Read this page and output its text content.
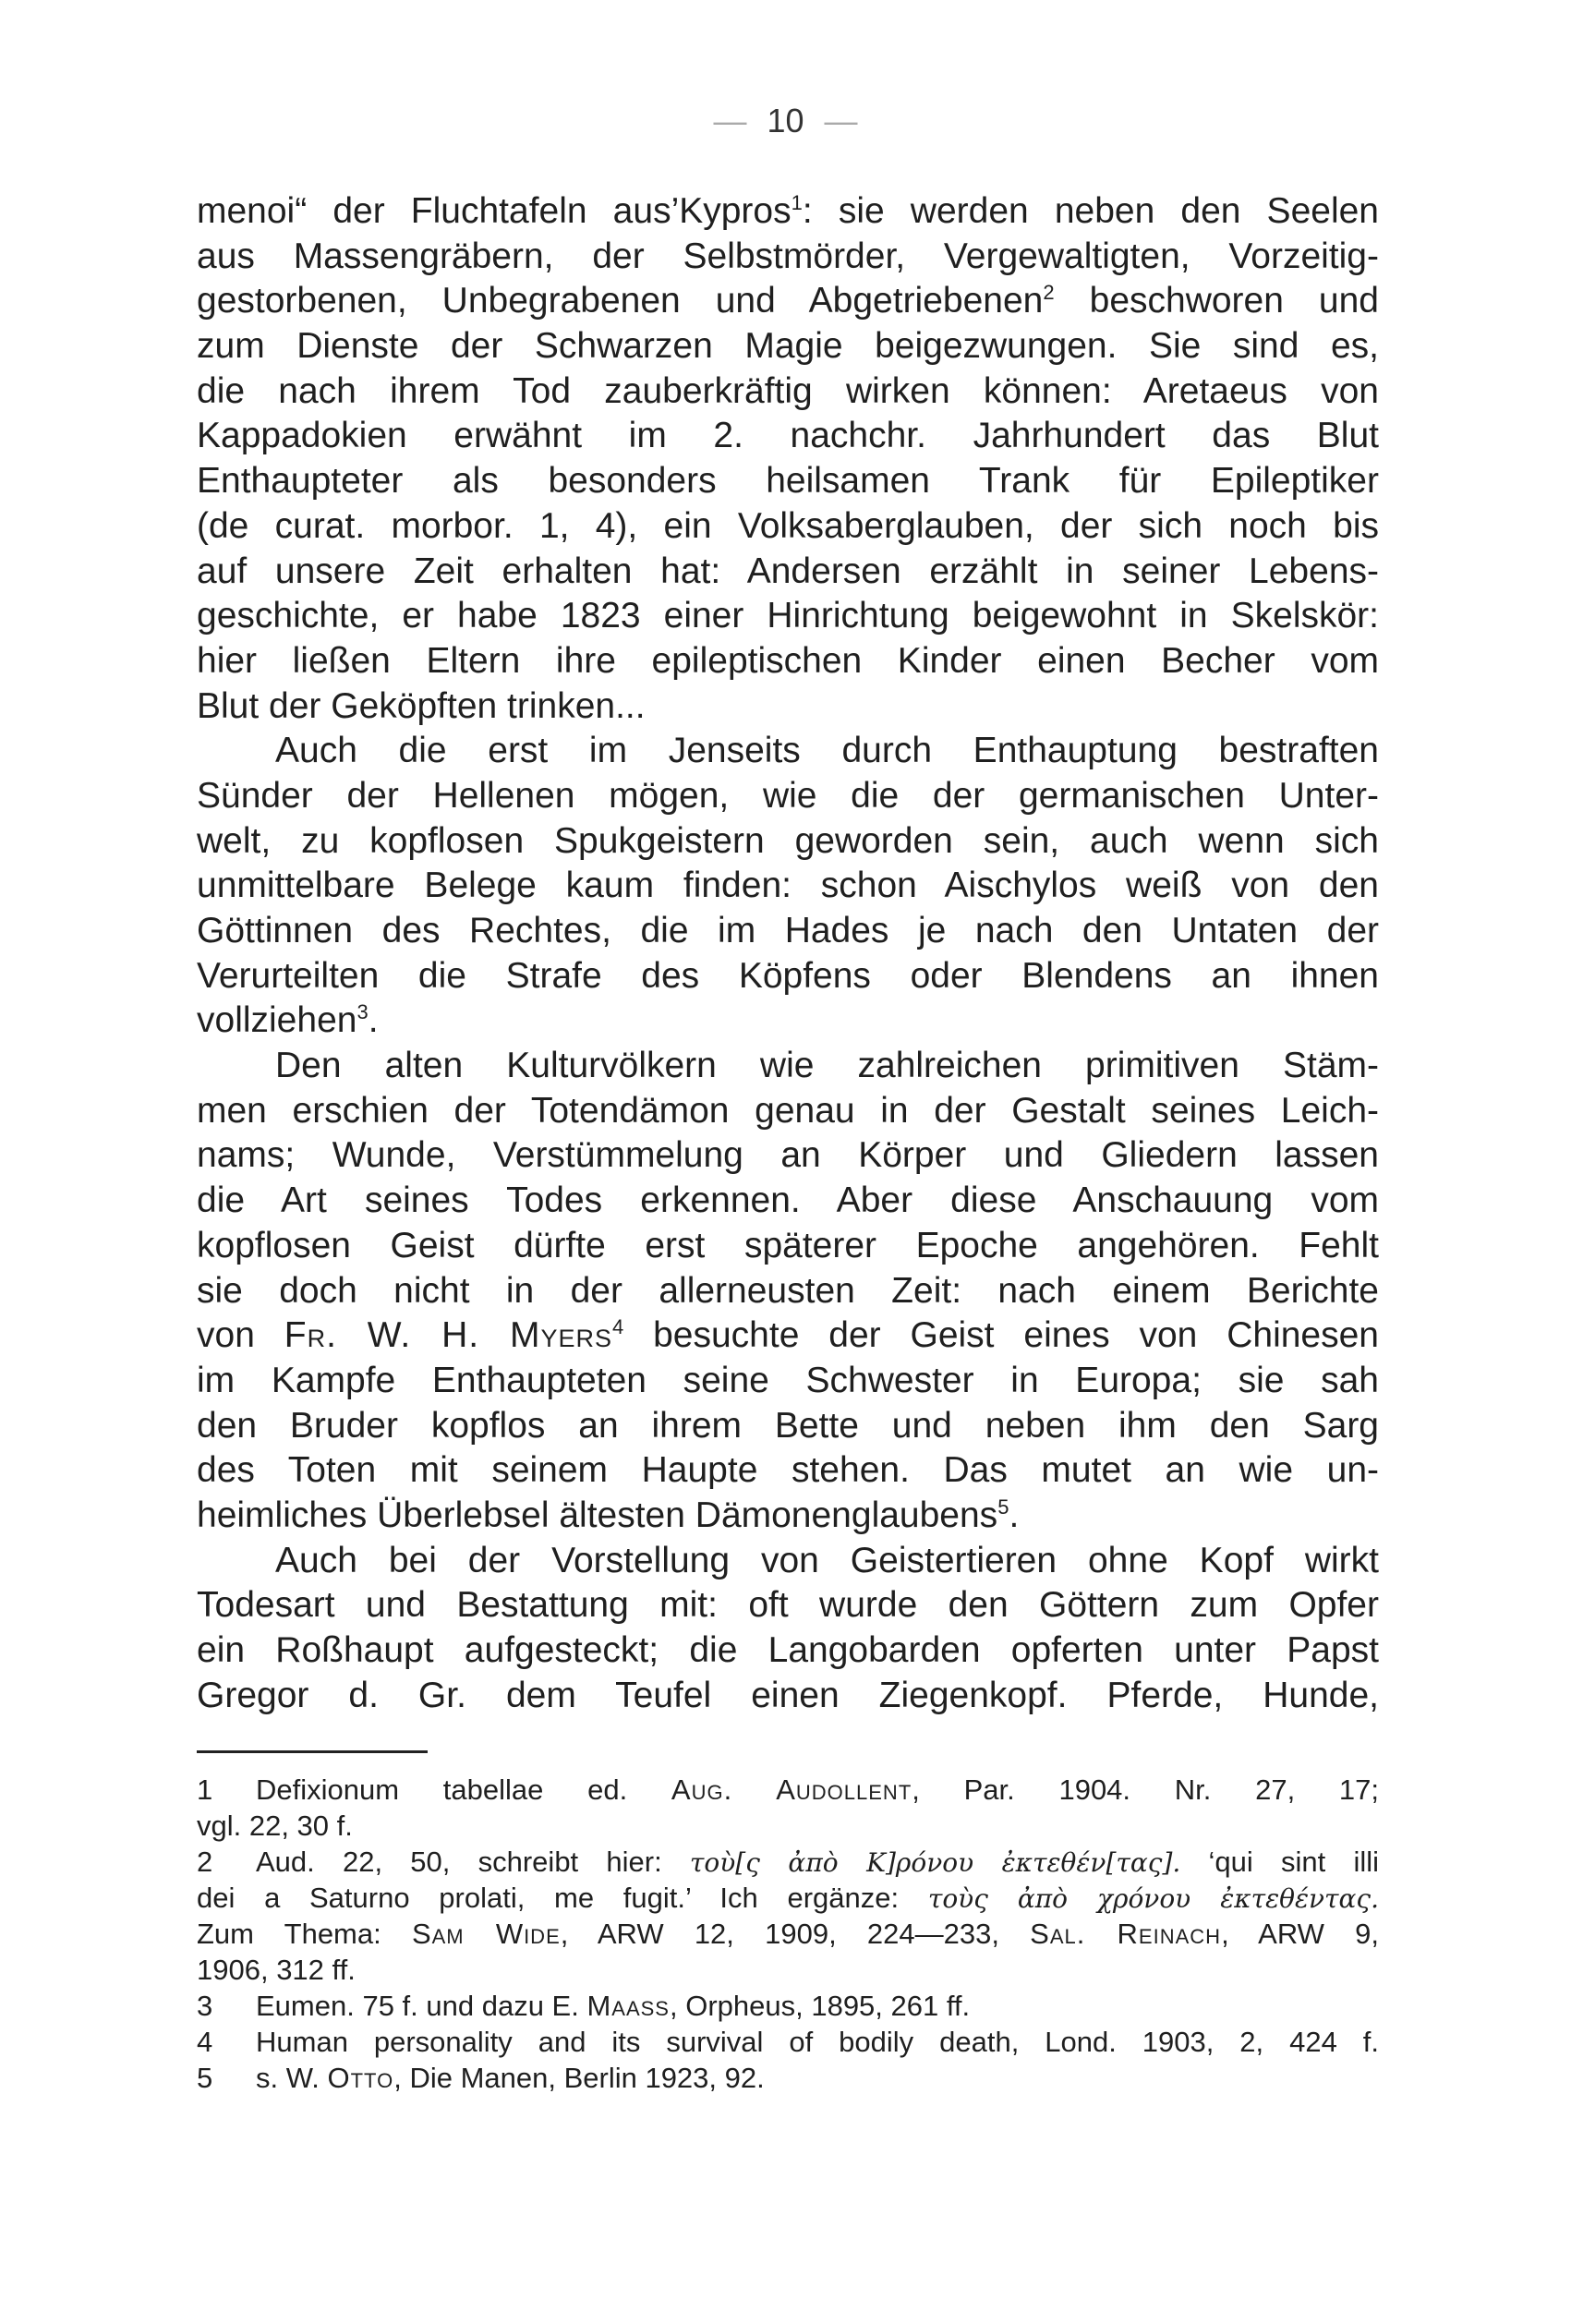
— 10 —
menoi“ der Fluchtafeln aus’Kypros$^1$: sie werden neben den Seelen
aus Massengräbern, der Selbstmörder, Vergewaltigten, Vorzeitig-
gestorbenen, Unbegrabenen und Abgetriebenen$^2$ beschworen und
zum Dienste der Schwarzen Magie beigezwungen. Sie sind es,
die nach ihrem Tod zauberkräftig wirken können: Aretaeus von
Kappadokien erwähnt im 2. nachchr. Jahrhundert das Blut
Enthaupteter als besonders heilsamen Trank für Epileptiker
(de curat. morbor. 1, 4), ein Volksaberglauben, der sich noch bis
auf unsere Zeit erhalten hat: Andersen erzählt in seiner Lebens-
geschichte, er habe 1823 einer Hinrichtung beigewohnt in Skelskör:
hier ließen Eltern ihre epileptischen Kinder einen Becher vom
Blut der Geköpften trinken...
Auch die erst im Jenseits durch Enthauptung bestraften
Sünder der Hellenen mögen, wie die der germanischen Unter-
welt, zu kopflosen Spukgeistern geworden sein, auch wenn sich
unmittelbare Belege kaum finden: schon Aischylos weiß von den
Göttinnen des Rechtes, die im Hades je nach den Untaten der
Verurteilten die Strafe des Köpfens oder Blendens an ihnen
vollziehen$^3$.
Den alten Kulturvölkern wie zahlreichen primitiven Stäm-
men erschien der Totendämon genau in der Gestalt seines Leich-
nams; Wunde, Verstümmelung an Körper und Gliedern lassen
die Art seines Todes erkennen. Aber diese Anschauung vom
kopflosen Geist dürfte erst späterer Epoche angehören. Fehlt
sie doch nicht in der allerneusten Zeit: nach einem Berichte
von Fr. W. H. Myers$^4$ besuchte der Geist eines von Chinesen
im Kampfe Enthaupteten seine Schwester in Europa; sie sah
den Bruder kopflos an ihrem Bette und neben ihm den Sarg
des Toten mit seinem Haupte stehen. Das mutet an wie un-
heimliches Überlebsel ältesten Dämonenglaubens$^5$.
Auch bei der Vorstellung von Geistertieren ohne Kopf wirkt
Todesart und Bestattung mit: oft wurde den Göttern zum Opfer
ein Roßhaupt aufgesteckt; die Langobarden opferten unter Papst
Gregor d. Gr. dem Teufel einen Ziegenkopf. Pferde, Hunde,
1 Defixionum tabellae ed. Aug. Audollent, Par. 1904. Nr. 27, 17;
vgl. 22, 30 f.
2 Aud. 22, 50, schreibt hier: τοὺ[ς ἀπὸ Κ]ρόνου ἐκτεθέν[τας]. ‘qui sint illi
dei a Saturno prolati, me fugit.’ Ich ergänze: τοὺς ἀπὸ χρόνου ἐκτεθέντας.
Zum Thema: Sam Wide, ARW 12, 1909, 224—233, Sal. Reinach, ARW 9,
1906, 312 ff.
3 Eumen. 75 f. und dazu E. Maass, Orpheus, 1895, 261 ff.
4 Human personality and its survival of bodily death, Lond. 1903, 2, 424 f.
5 s. W. Otto, Die Manen, Berlin 1923, 92.
